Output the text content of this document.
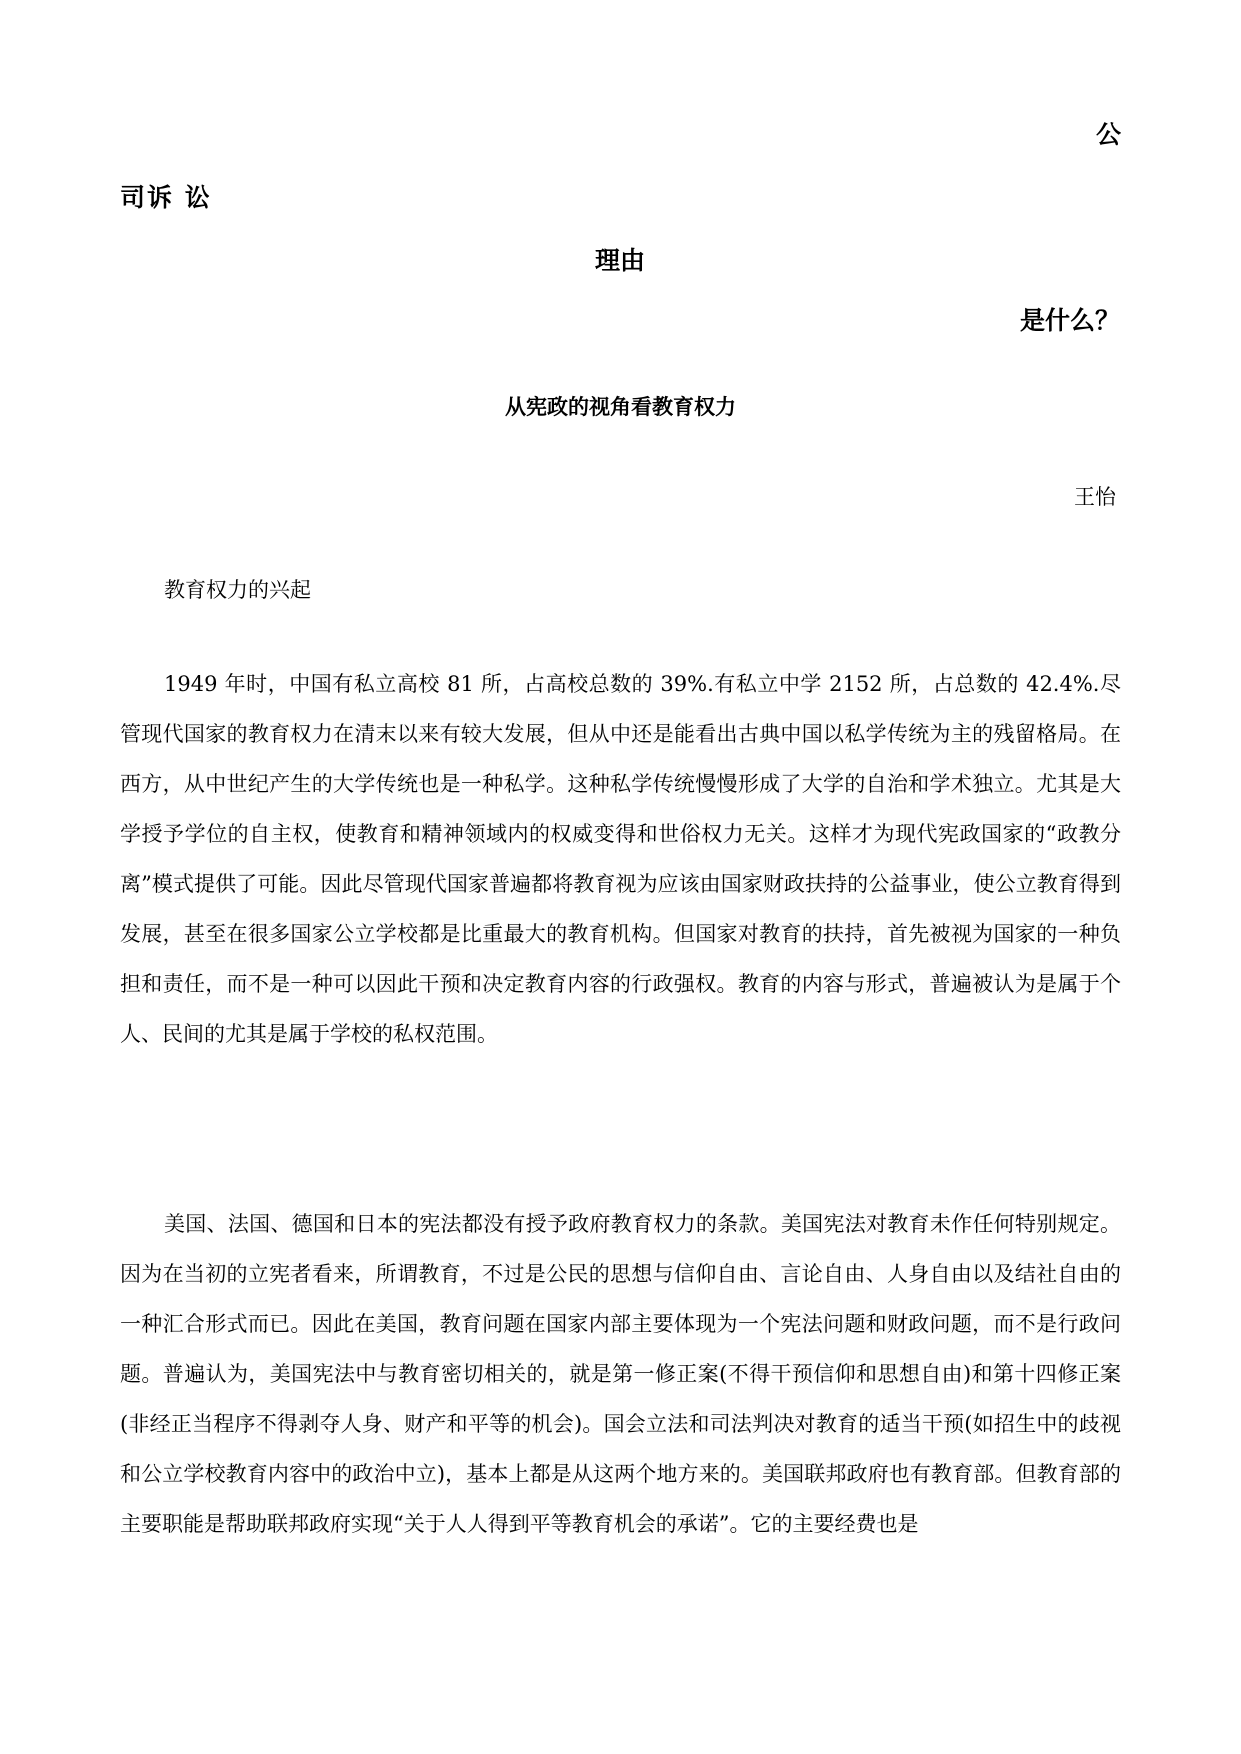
公
司诉 讼
理由
是什么？
从宪政的视角看教育权力
王怡
教育权力的兴起

1949 年时，中国有私立高校 81 所，占高校总数的 39%.有私立中学 2152 所，占总数的 42.4%.尽管现代国家的教育权力在清末以来有较大发展，但从中还是能看出古典中国以私学传统为主的残留格局。在西方，从中世纪产生的大学传统也是一种私学。这种私学传统慢慢形成了大学的自治和学术独立。尤其是大学授予学位的自主权，使教育和精神领域内的权威变得和世俗权力无关。这样才为现代宪政国家的“政教分离”模式提供了可能。因此尽管现代国家普遍都将教育视为应该由国家财政扶持的公益事业，使公立教育得到发展，甚至在很多国家公立学校都是比重最大的教育机构。但国家对教育的扶持，首先被视为国家的一种负担和责任，而不是一种可以因此干预和决定教育内容的行政强权。教育的内容与形式，普遍被认为是属于个人、民间的尤其是属于学校的私权范围。

美国、法国、德国和日本的宪法都没有授予政府教育权力的条款。美国宪法对教育未作任何特别规定。因为在当初的立宪者看来，所谓教育，不过是公民的思想与信仰自由、言论自由、人身自由以及结社自由的一种汇合形式而已。因此在美国，教育问题在国家内部主要体现为一个宪法问题和财政问题，而不是行政问题。普遍认为，美国宪法中与教育密切相关的，就是第一修正案(不得干预信仰和思想自由)和第十四修正案(非经正当程序不得剥夺人身、财产和平等的机会)。国会立法和司法判决对教育的适当干预(如招生中的歧视和公立学校教育内容中的政治中立)，基本上都是从这两个地方来的。美国联邦政府也有教育部。但教育部的主要职能是帮助联邦政府实现“关于人人得到平等教育机会的承诺”。它的主要经费也是
